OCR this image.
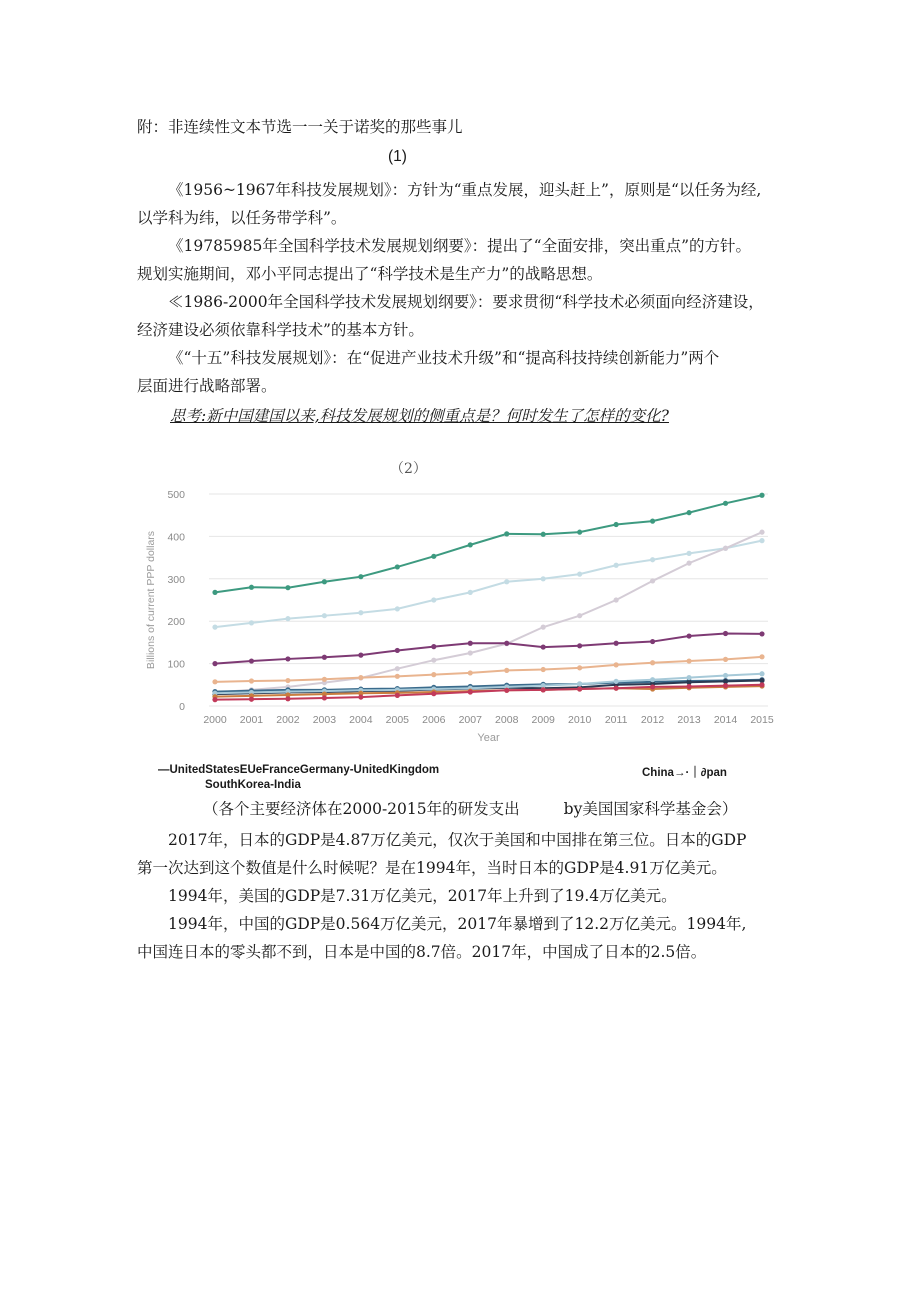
附：非连续性文本节选一一关于诺奖的那些事儿
(1)
《1956~1967年科技发展规划》：方针为“重点发展，迎头赶上”，原则是“以任务为经,
以学科为纬，以任务带学科”。
《19785985年全国科学技术发展规划纲要》：提出了“全面安排，突出重点”的方针。
规划实施期间，邓小平同志提出了“科学技术是生产力”的战略思想。
≪1986-2000年全国科学技术发展规划纲要》：要求贯彻“科学技术必须面向经济建设，
经济建设必须依靠科学技术”的基本方针。
《“十五”科技发展规划》：在“促进产业技术升级”和“提高科技持续创新能力”两个
层面进行战略部署。
思考:新中国建国以来,科技发展规划的侧重点是？何时发生了怎样的变化?
（2）
0
100
200
300
400
500
2000 2001 2002 2003 2004 2005 2006 2007 2008 2009 2010 2011 2012 2013 2014 2015
Billions of current PPP dollars
Year
—UnitedStatesEUeFranceGermany-UnitedKingdom	China→·｜∂pan
SouthKorea-India
（各个主要经济体在2000-2015年的研发支出	by美国国家科学基金会）
2017年，日本的GDP是4.87万亿美元，仅次于美国和中国排在第三位。日本的GDP
第一次达到这个数值是什么时候呢？是在1994年，当时日本的GDP是4.91万亿美元。
1994年，美国的GDP是7.31万亿美元，2017年上升到了19.4万亿美元。
1994年，中国的GDP是0.564万亿美元，2017年暴增到了12.2万亿美元。1994年,
中国连日本的零头都不到，日本是中国的8.7倍。2017年，中国成了日本的2.5倍。
